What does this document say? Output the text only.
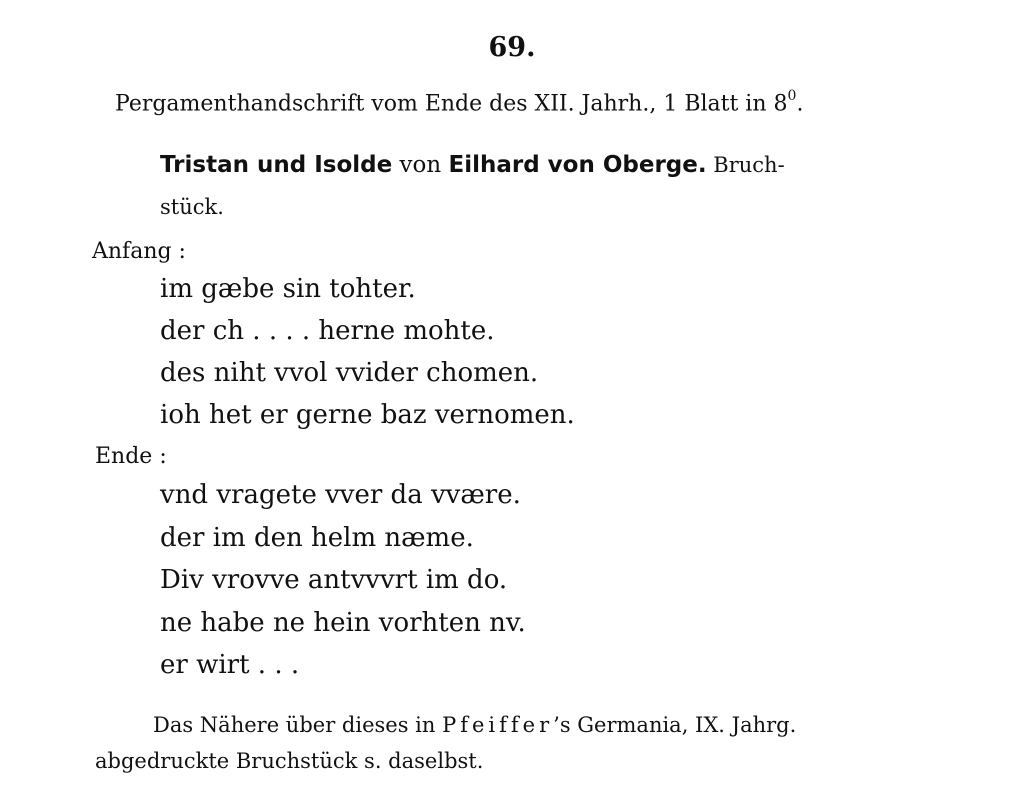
69.
Pergamenthandschrift vom Ende des XII. Jahrh., 1 Blatt in $8^0$.
Tristan und Isolde von Eilhard von Oberge. Bruch-
stück.
Anfang :
im gæbe sin tohter.
der ch . . . . herne mohte.
des niht vvol vvider chomen.
ioh het er gerne baz vernomen.
Ende :
vnd vragete vver da vvære.
der im den helm næme.
Div vrovve antvvvrt im do.
ne habe ne hein vorhten nv.
er wirt . . .
Das Nähere über dieses in Pfeiffer’s Germania, IX. Jahrg.
abgedruckte Bruchstück s. daselbst.
